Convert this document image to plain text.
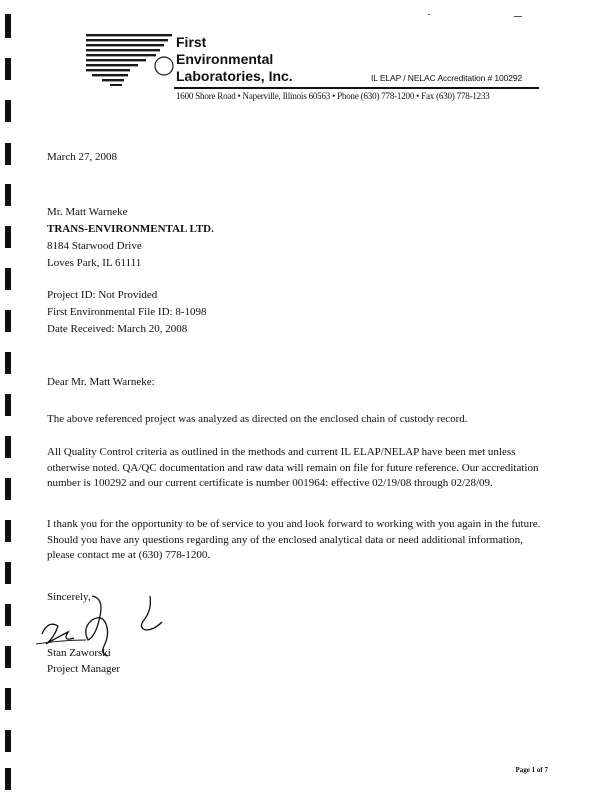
First
Environmental
Laboratories, Inc.	IL ELAP / NELAC Accreditation # 100292
1600 Shore Road • Naperville, Illinois 60563 • Phone (630) 778-1200 • Fax (630) 778-1233
March 27, 2008
Mr. Matt Warneke
TRANS-ENVIRONMENTAL LTD.
8184 Starwood Drive
Loves Park, IL 61111
Project ID: Not Provided
First Environmental File ID: 8-1098
Date Received: March 20, 2008
Dear Mr. Matt Warneke:
The above referenced project was analyzed as directed on the enclosed chain of custody record.
All Quality Control criteria as outlined in the methods and current IL ELAP/NELAP have been met unless otherwise noted. QA/QC documentation and raw data will remain on file for future reference. Our accreditation number is 100292 and our current certificate is number 001964: effective 02/19/08 through 02/28/09.
I thank you for the opportunity to be of service to you and look forward to working with you again in the future. Should you have any questions regarding any of the enclosed analytical data or need additional information, please contact me at (630) 778-1200.
Sincerely,
Stan Zaworski
Project Manager
Page 1 of 7
